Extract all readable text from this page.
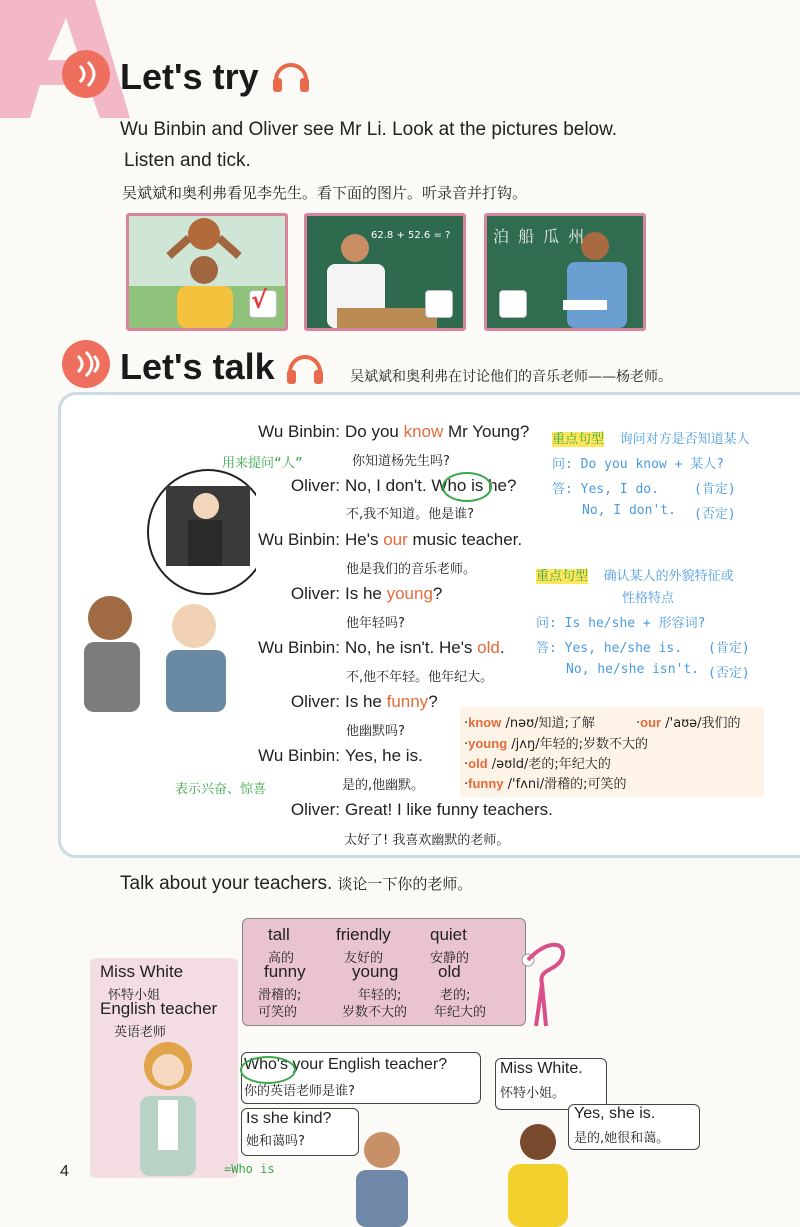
Let's try
Wu Binbin and Oliver see Mr Li. Look at the pictures below.
Listen and tick.
吴斌斌和奥利弗看见李先生。看下面的图片。听录音并打钩。
√
62.8 + 52.6 = ?	泊 船 瓜 州
Let's talk	吴斌斌和奥利弗在讨论他们的音乐老师——杨老师。
Wu Binbin: Do you know Mr Young?
你知道杨先生吗?
Oliver: No, I don't. Who is he?
不,我不知道。他是谁?
Wu Binbin: He's our music teacher.
他是我们的音乐老师。
Oliver: Is he young?
他年轻吗?
Wu Binbin: No, he isn't. He's old.
不,他不年轻。他年纪大。
Oliver: Is he funny?
他幽默吗?
Wu Binbin: Yes, he is.
是的,他幽默。
Oliver: Great! I like funny teachers.
太好了! 我喜欢幽默的老师。
用来提问“人”
表示兴奋、惊喜
重点句型 询问对方是否知道某人
问: Do you know + 某人?
答: Yes, I do.	(肯定)
No, I don't. (否定)
重点句型 确认某人的外貌特征或
性格特点
问: Is he/she + 形容词?
答: Yes, he/she is. (肯定)
No, he/she isn't. (否定)
·know /nəʊ/知道;了解	·our /'aʊə/我们的
·young /jʌŋ/年轻的;岁数不大的
·old /əʊld/老的;年纪大的
·funny /'fʌni/滑稽的;可笑的
Talk about your teachers. 谈论一下你的老师。
tall
高的
friendly
友好的
quiet
安静的
funny
滑稽的;
可笑的
young
年轻的;
岁数不大的
old
老的;
年纪大的
Miss White
怀特小姐
English teacher
英语老师
=Who is
Who's your English teacher?
你的英语老师是谁?
Miss White.
怀特小姐。
Is she kind?
她和蔼吗?
Yes, she is.
是的,她很和蔼。
4
